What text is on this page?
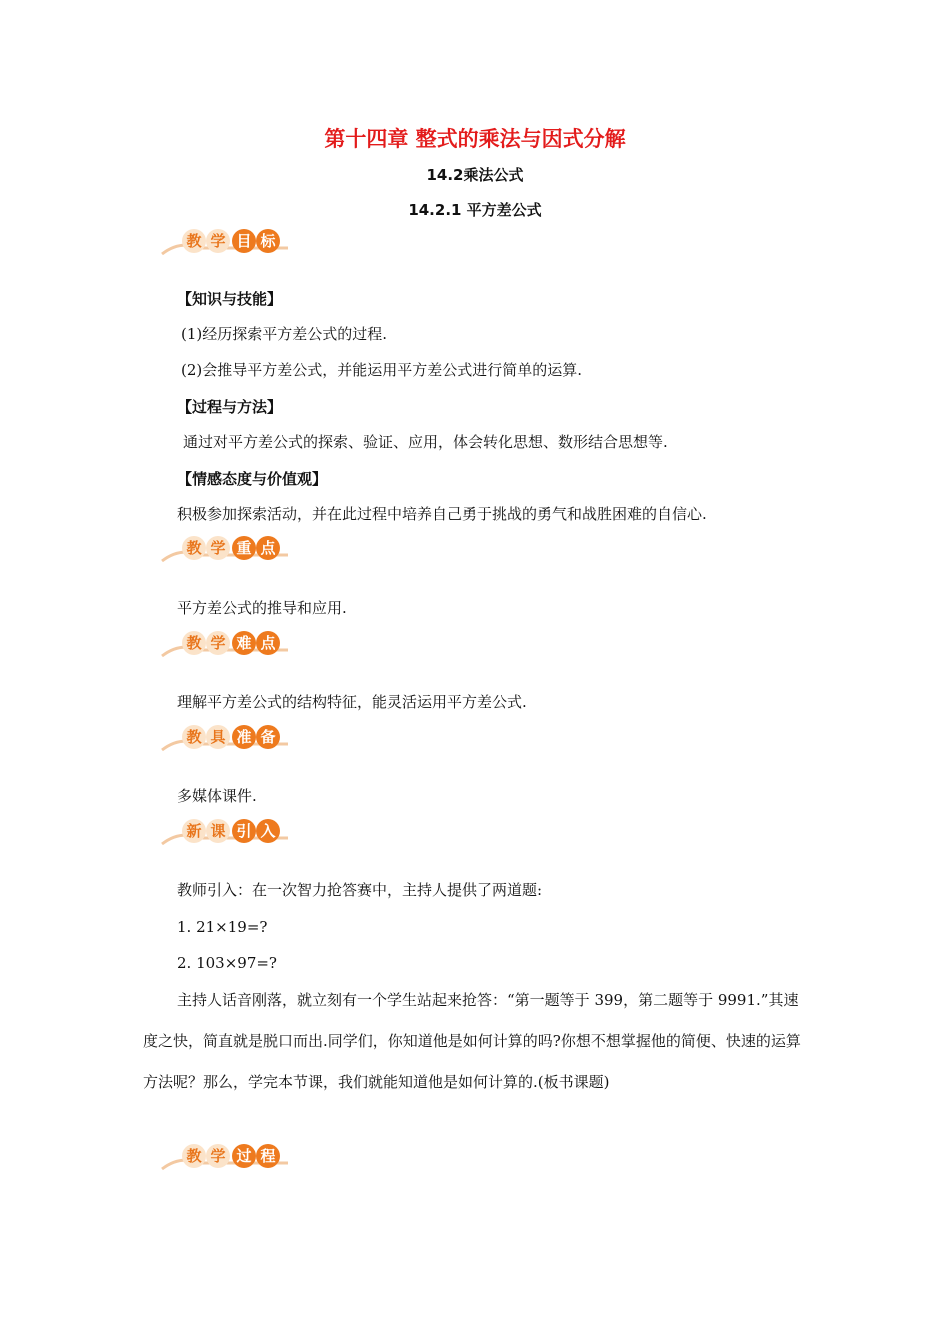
第十四章 整式的乘法与因式分解
14.2乘法公式
14.2.1 平方差公式
教 学 目 标
【知识与技能】
(1)经历探索平方差公式的过程.
(2)会推导平方差公式，并能运用平方差公式进行简单的运算.
【过程与方法】
通过对平方差公式的探索、验证、应用，体会转化思想、数形结合思想等.
【情感态度与价值观】
积极参加探索活动，并在此过程中培养自己勇于挑战的勇气和战胜困难的自信心.
教 学 重 点
平方差公式的推导和应用.
教 学 难 点
理解平方差公式的结构特征，能灵活运用平方差公式.
教 具 准 备
多媒体课件.
新 课 引 入
教师引入：在一次智力抢答赛中，主持人提供了两道题:
1. 21×19=?
2. 103×97=?
主持人话音刚落，就立刻有一个学生站起来抢答：“第一题等于 399，第二题等于 9991.”其速度之快，简直就是脱口而出.同学们，你知道他是如何计算的吗?你想不想掌握他的简便、快速的运算方法呢？那么，学完本节课，我们就能知道他是如何计算的.(板书课题)
教 学 过 程
